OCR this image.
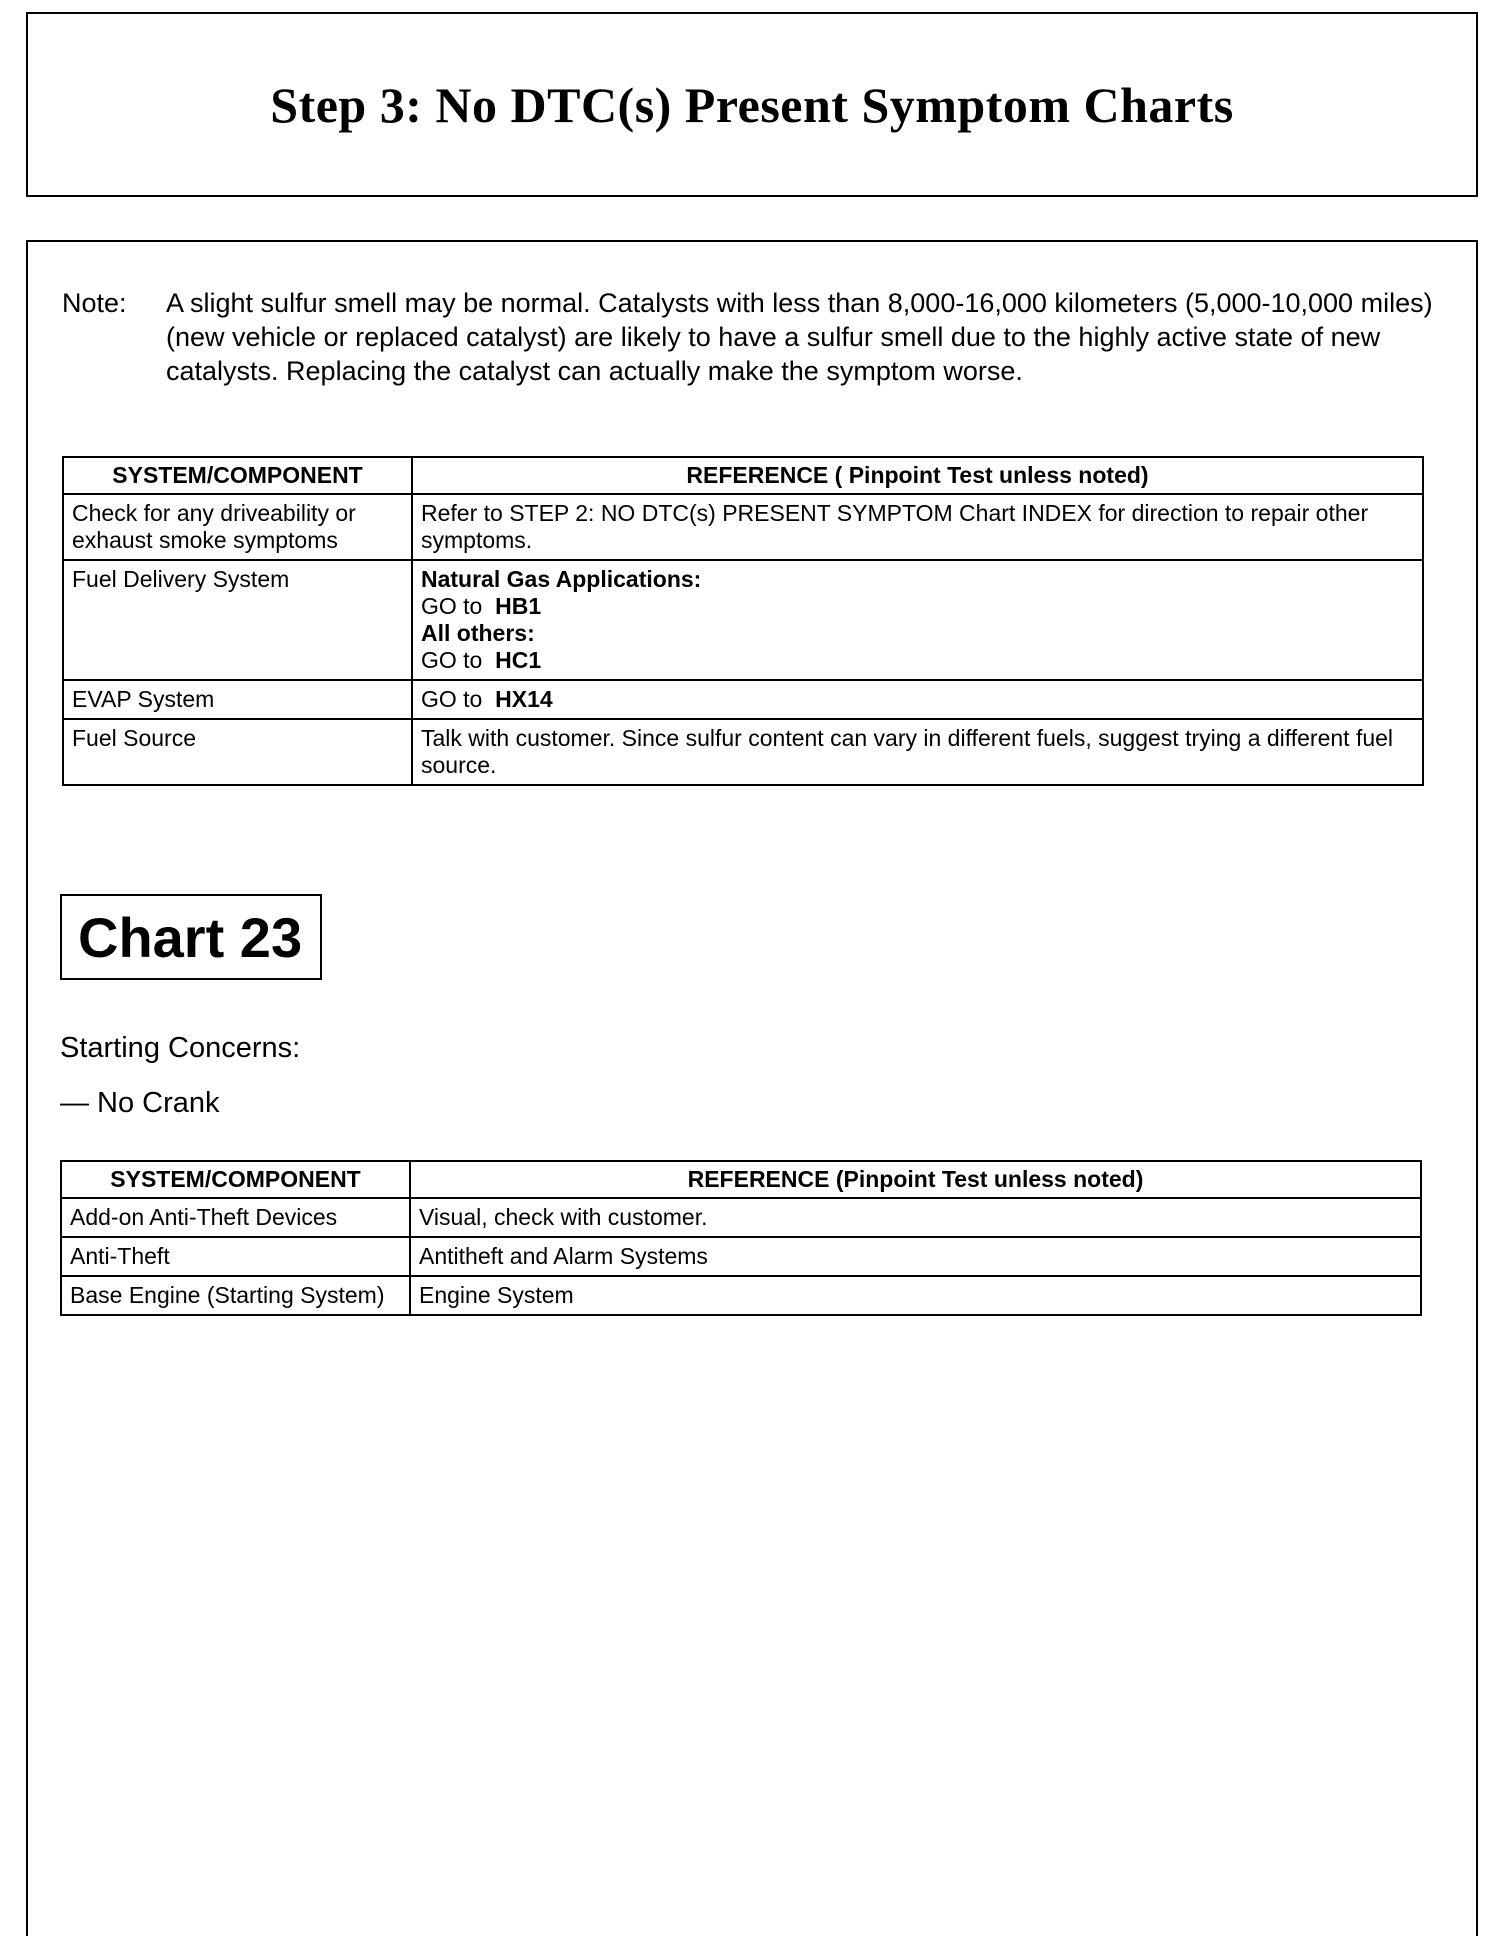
Step 3: No DTC(s) Present Symptom Charts
Note:	A slight sulfur smell may be normal. Catalysts with less than 8,000-16,000 kilometers (5,000-10,000 miles)(new vehicle or replaced catalyst) are likely to have a sulfur smell due to the highly active state of new catalysts. Replacing the catalyst can actually make the symptom worse.
SYSTEM/COMPONENT	REFERENCE ( Pinpoint Test unless noted)
Check for any driveability or exhaust smoke symptoms	Refer to STEP 2: NO DTC(s) PRESENT SYMPTOM Chart INDEX for direction to repair other symptoms.
Fuel Delivery System	Natural Gas Applications:
GO to HB1
All others:
GO to HC1

EVAP System	GO to HX14
Fuel Source	Talk with customer. Since sulfur content can vary in different fuels, suggest trying a different fuel source.
Chart 23
Starting Concerns:
— No Crank
SYSTEM/COMPONENT	REFERENCE (Pinpoint Test unless noted)
Add-on Anti-Theft Devices	Visual, check with customer.
Anti-Theft	Antitheft and Alarm Systems
Base Engine (Starting System)	Engine System
